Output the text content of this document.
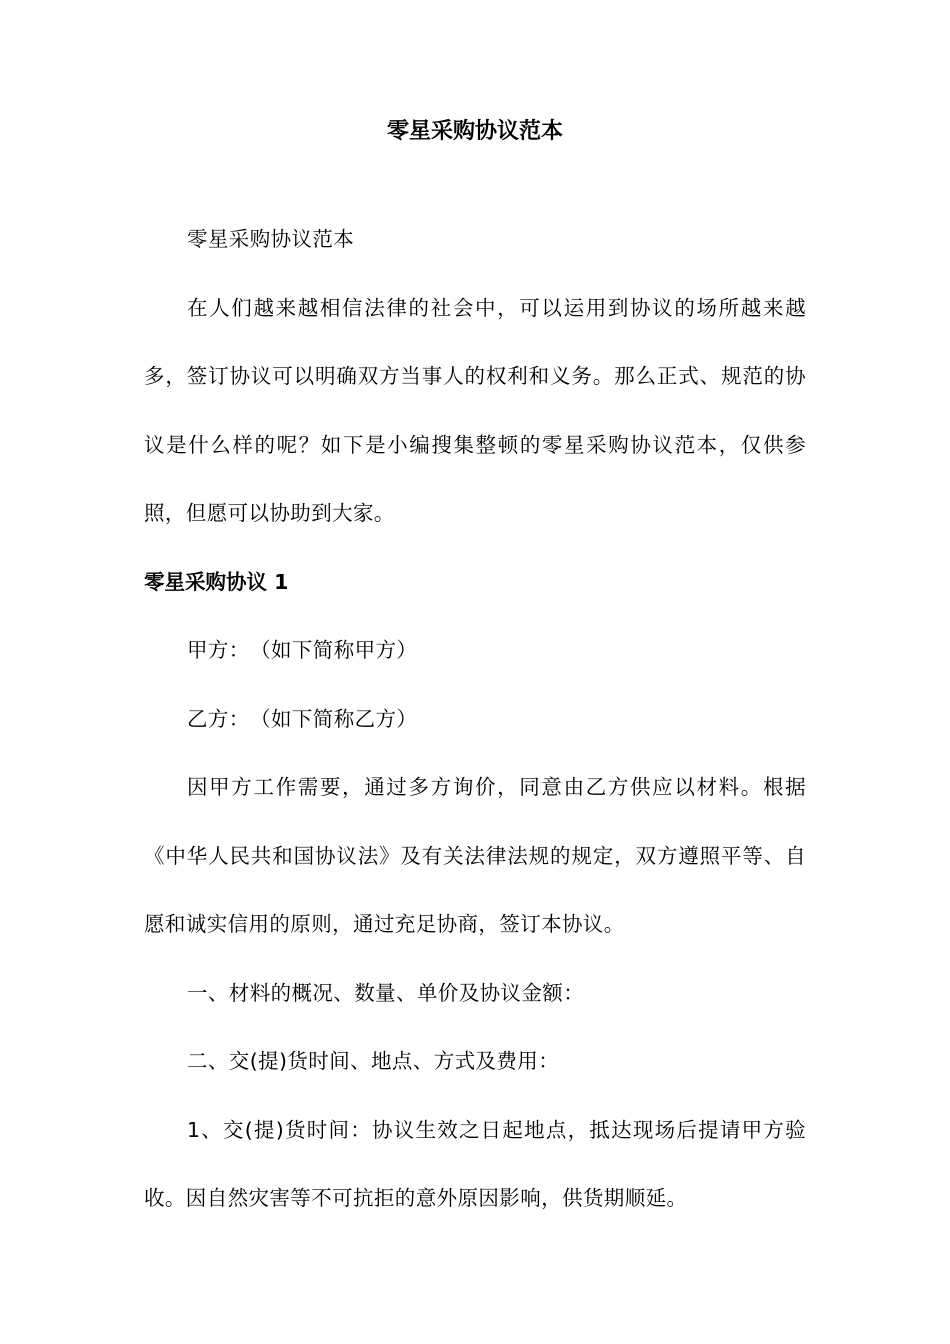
零星采购协议范本

零星采购协议范本

在人们越来越相信法律的社会中，可以运用到协议的场所越来越多，签订协议可以明确双方当事人的权利和义务。那么正式、规范的协议是什么样的呢？如下是小编搜集整顿的零星采购协议范本，仅供参照，但愿可以协助到大家。

零星采购协议 1

甲方：　（如下简称甲方）

乙方：　（如下简称乙方）

因甲方工作需要，通过多方询价，同意由乙方供应以材料。根据《中华人民共和国协议法》及有关法律法规的规定，双方遵照平等、自愿和诚实信用的原则，通过充足协商，签订本协议。

一、材料的概况、数量、单价及协议金额：

二、交(提)货时间、地点、方式及费用：

1、交(提)货时间：协议生效之日起地点，抵达现场后提请甲方验收。因自然灾害等不可抗拒的意外原因影响，供货期顺延。
